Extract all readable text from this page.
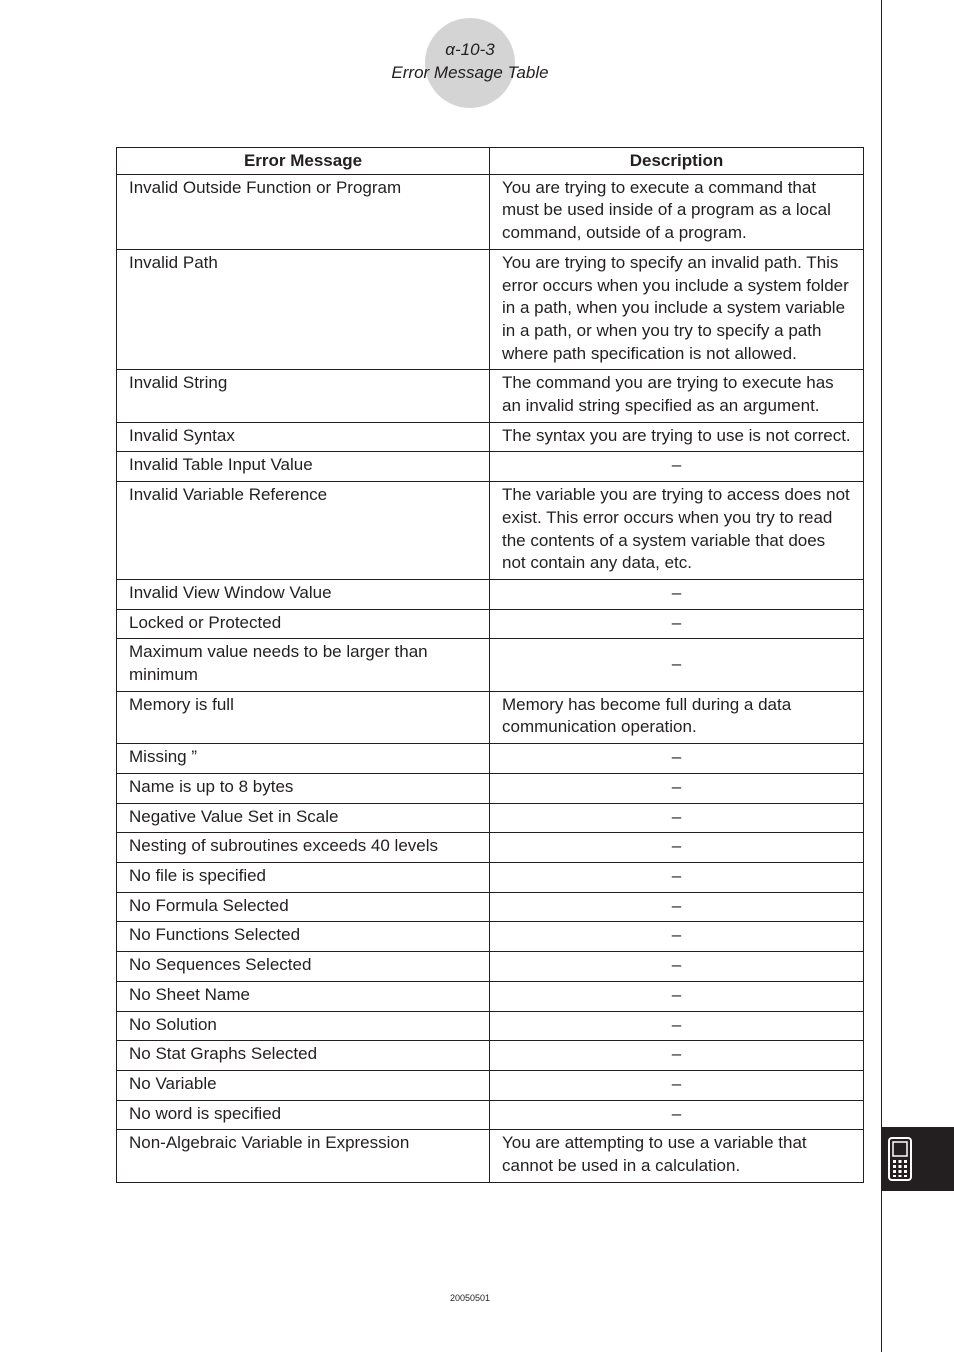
α-10-3
Error Message Table
Error Message	Description
Invalid Outside Function or Program	You are trying to execute a command that must be used inside of a program as a local command, outside of a program.
Invalid Path	You are trying to specify an invalid path. This error occurs when you include a system folder in a path, when you include a system variable in a path, or when you try to specify a path where path specification is not allowed.
Invalid String	The command you are trying to execute has an invalid string specified as an argument.
Invalid Syntax	The syntax you are trying to use is not correct.
Invalid Table Input Value	–
Invalid Variable Reference	The variable you are trying to access does not exist. This error occurs when you try to read the contents of a system variable that does not contain any data, etc.
Invalid View Window Value	–
Locked or Protected	–
Maximum value needs to be larger than minimum	–
Memory is full	Memory has become full during a data communication operation.
Missing ”	–
Name is up to 8 bytes	–
Negative Value Set in Scale	–
Nesting of subroutines exceeds 40 levels	–
No file is specified	–
No Formula Selected	–
No Functions Selected	–
No Sequences Selected	–
No Sheet Name	–
No Solution	–
No Stat Graphs Selected	–
No Variable	–
No word is specified	–
Non-Algebraic Variable in Expression	You are attempting to use a variable that cannot be used in a calculation.
20050501
